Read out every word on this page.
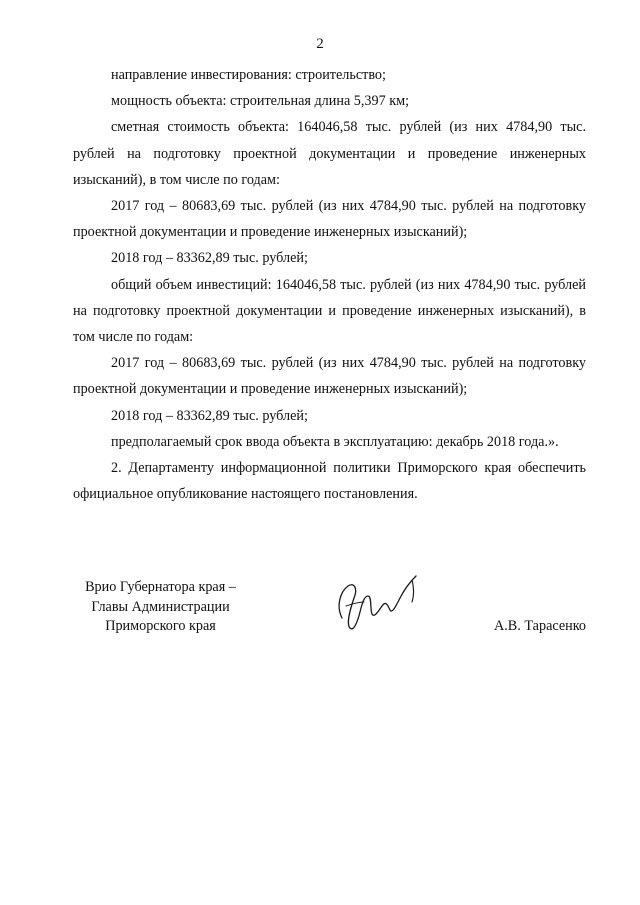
2

направление инвестирования: строительство;

мощность объекта: строительная длина 5,397 км;

сметная стоимость объекта: 164046,58 тыс. рублей (из них 4784,90 тыс. рублей на подготовку проектной документации и проведение инженерных изысканий), в том числе по годам:

2017 год – 80683,69 тыс. рублей (из них 4784,90 тыс. рублей на подготовку проектной документации и проведение инженерных изысканий);

2018 год – 83362,89 тыс. рублей;

общий объем инвестиций: 164046,58 тыс. рублей (из них 4784,90 тыс. рублей на подготовку проектной документации и проведение инженерных изысканий), в том числе по годам:

2017 год – 80683,69 тыс. рублей (из них 4784,90 тыс. рублей на подготовку проектной документации и проведение инженерных изысканий);

2018 год – 83362,89 тыс. рублей;

предполагаемый срок ввода объекта в эксплуатацию: декабрь 2018 года.».

2. Департаменту информационной политики Приморского края обеспечить официальное опубликование настоящего постановления.

Врио Губернатора края –
Главы Администрации
Приморского края	А.В. Тарасенко
